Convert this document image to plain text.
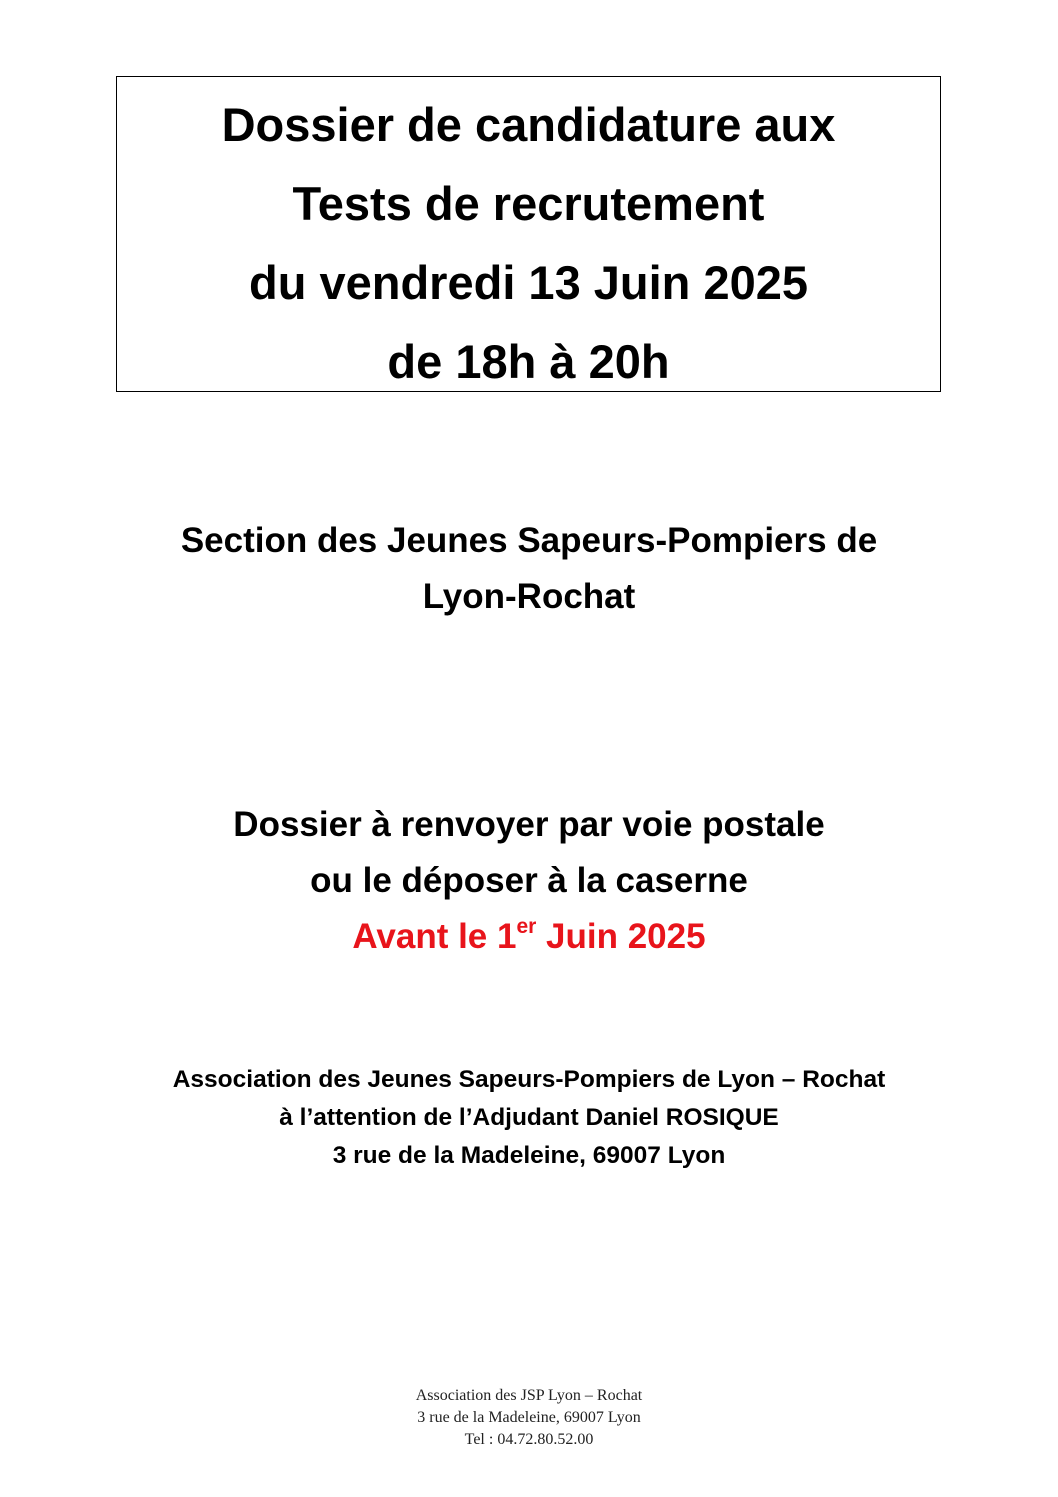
Dossier de candidature aux
Tests de recrutement
du vendredi 13 Juin 2025
de 18h à 20h
Section des Jeunes Sapeurs-Pompiers de
Lyon-Rochat
Dossier à renvoyer par voie postale
ou le déposer à la caserne
Avant le 1er Juin 2025
Association des Jeunes Sapeurs-Pompiers de Lyon – Rochat
à l’attention de l’Adjudant Daniel ROSIQUE
3 rue de la Madeleine, 69007 Lyon
Association des JSP Lyon – Rochat
3 rue de la Madeleine, 69007 Lyon
Tel : 04.72.80.52.00
